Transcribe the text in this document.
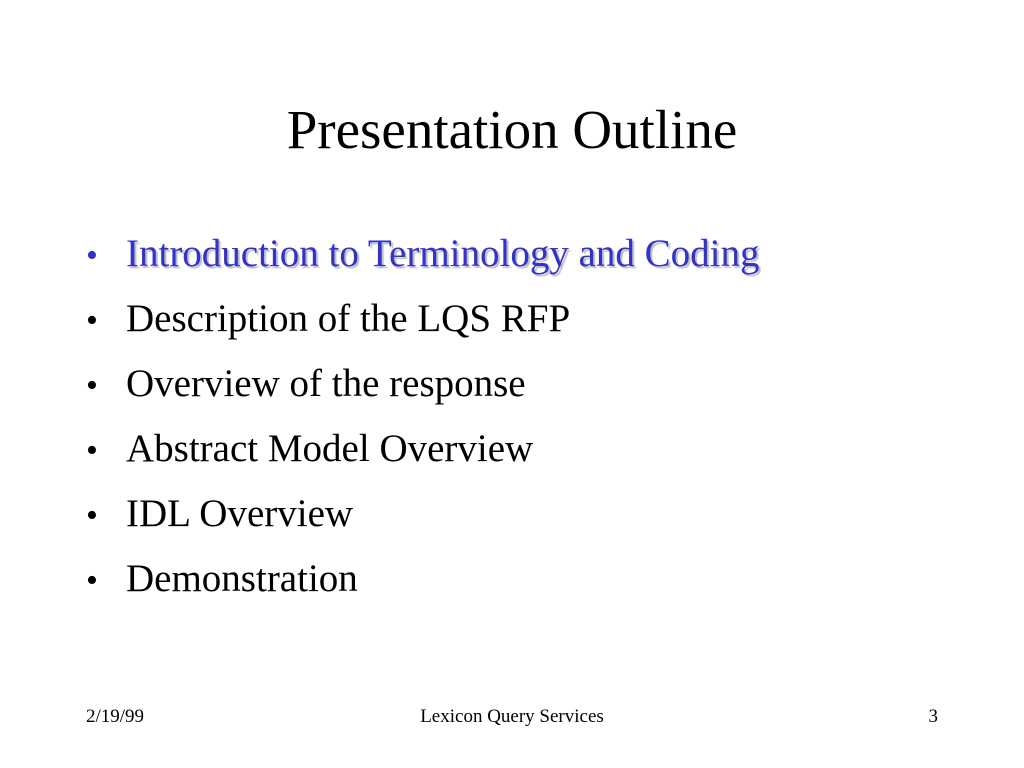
Presentation Outline
• Introduction to Terminology and Coding
• Description of the LQS RFP
• Overview of the response
• Abstract Model Overview
• IDL Overview
• Demonstration
2/19/99	Lexicon Query Services	3
